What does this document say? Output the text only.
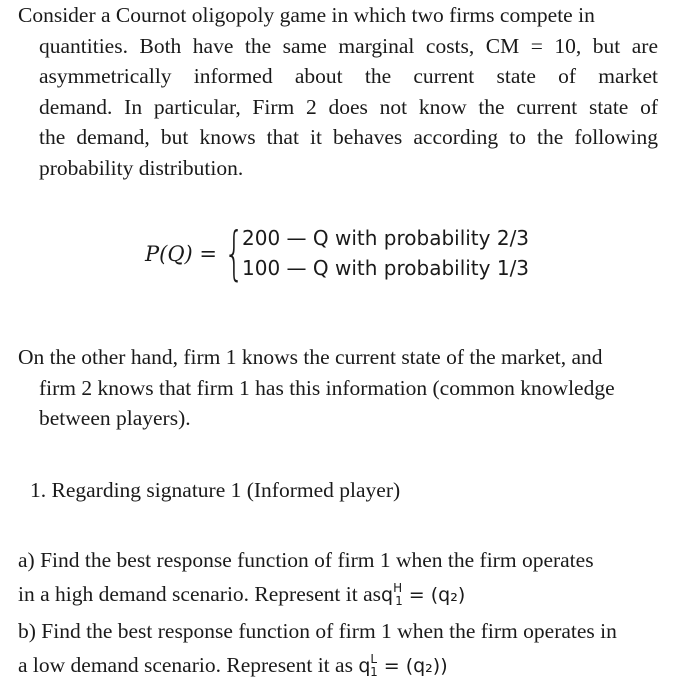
Consider a Cournot oligopoly game in which two firms compete in
quantities. Both have the same marginal costs, CM = 10, but are
asymmetrically informed about the current state of market
demand. In particular, Firm 2 does not know the current state of
the demand, but knows that it behaves according to the following
probability distribution.
P(Q) = {
200 — Q with probability 2/3
100 — Q with probability 1/3
On the other hand, firm 1 knows the current state of the market, and
firm 2 knows that firm 1 has this information (common knowledge
between players).
1. Regarding signature 1 (Informed player)
a) Find the best response function of firm 1 when the firm operates
in a high demand scenario. Represent it asq$^H_1$ = (q₂)
b) Find the best response function of firm 1 when the firm operates in
a low demand scenario. Represent it as $q^L_1 = (q_2)$)
